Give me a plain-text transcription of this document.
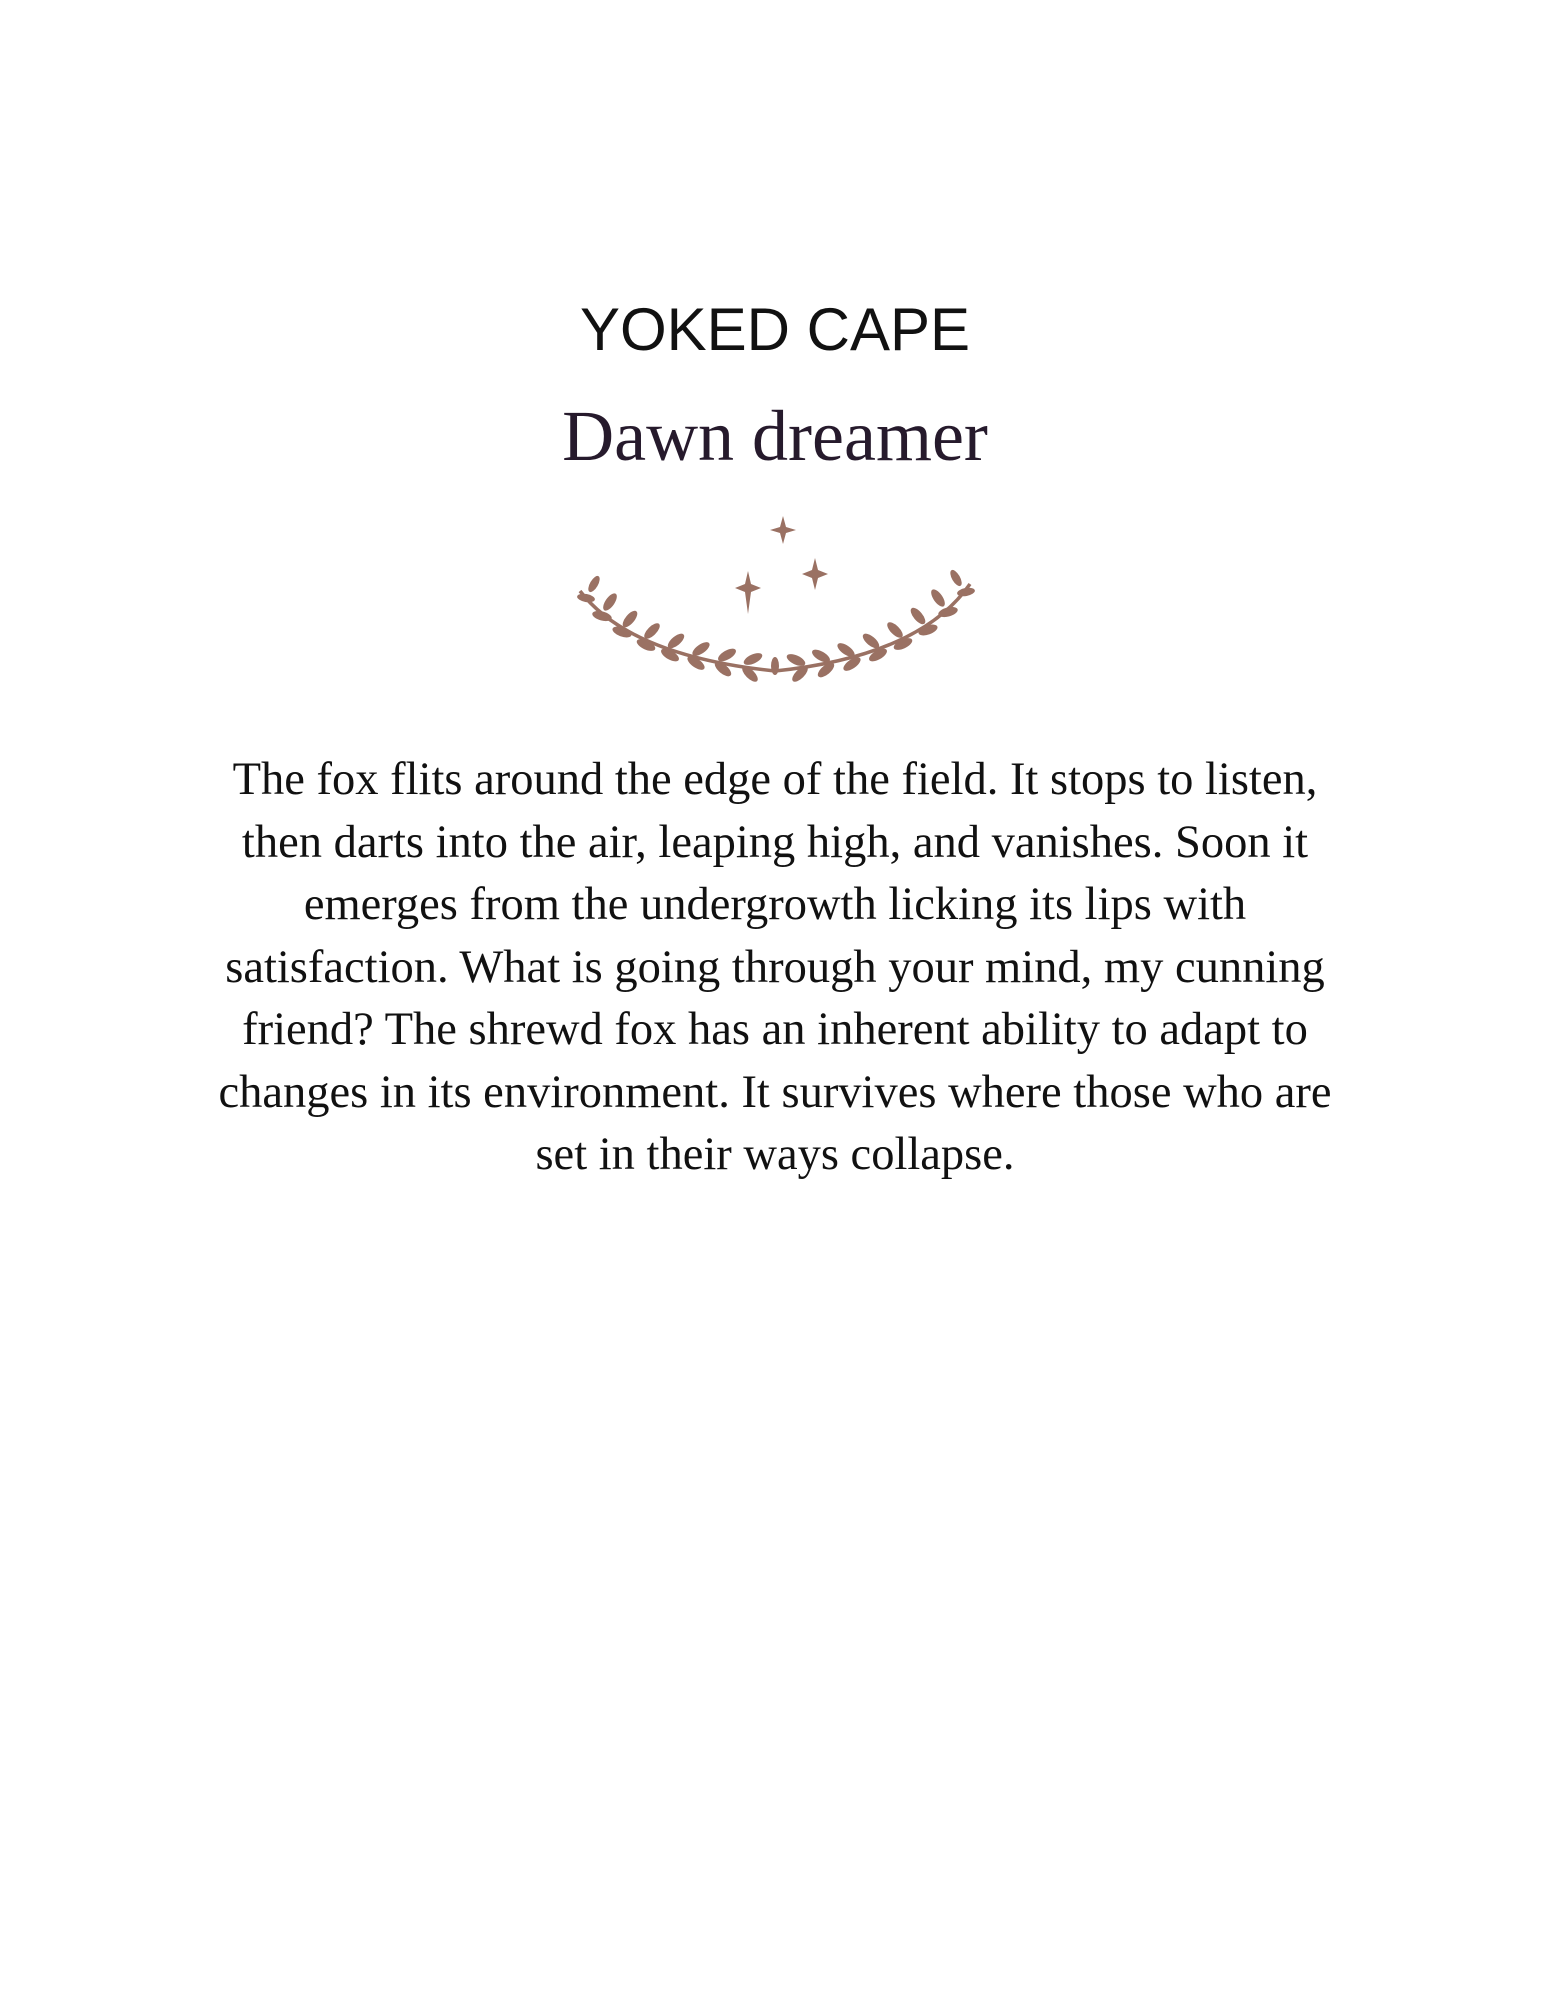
YOKED CAPE
Dawn dreamer
The fox flits around the edge of the field. It stops to listen, then darts into the air, leaping high, and vanishes. Soon it emerges from the undergrowth licking its lips with satisfaction. What is going through your mind, my cunning friend? The shrewd fox has an inherent ability to adapt to changes in its environment. It survives where those who are set in their ways collapse.
